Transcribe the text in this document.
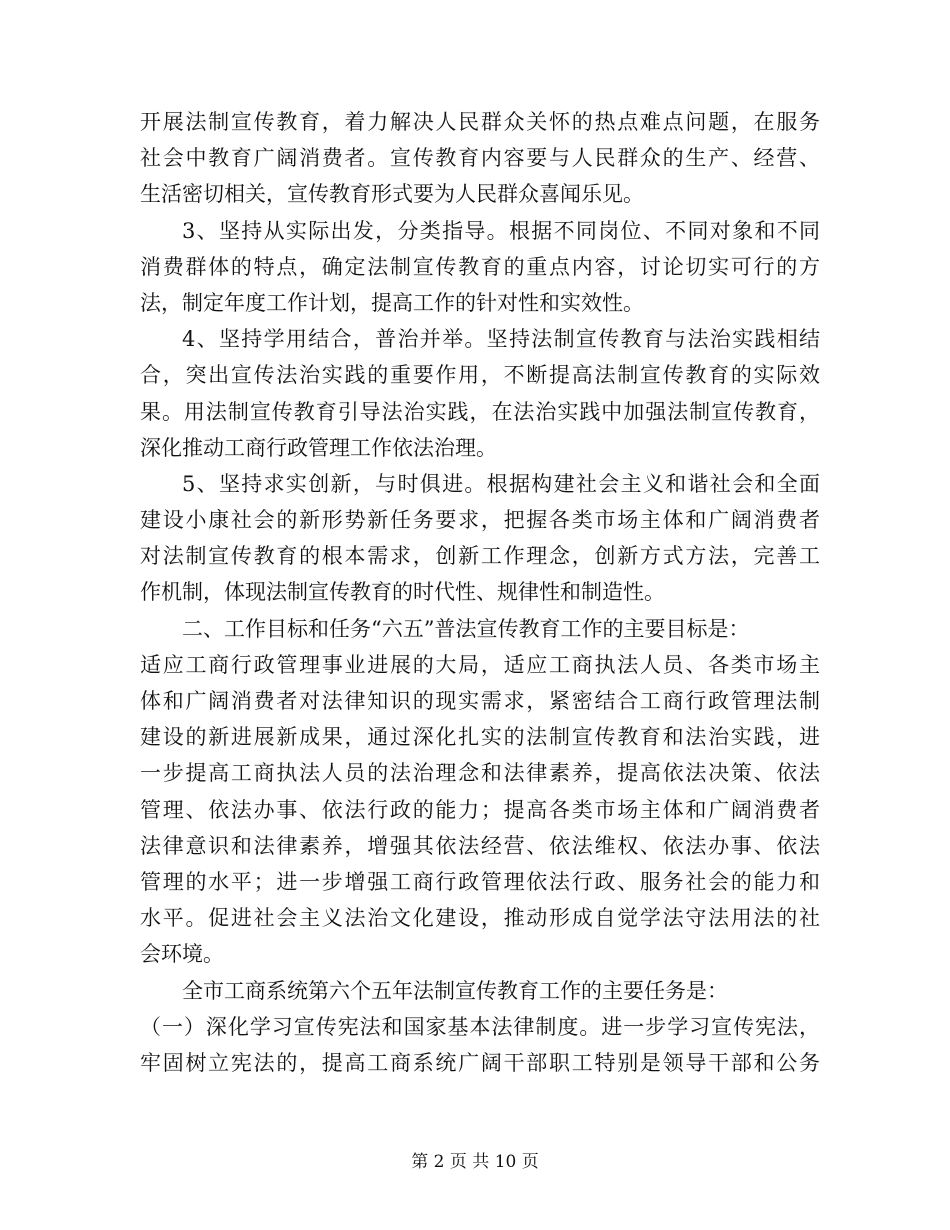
开展法制宣传教育，着力解决人民群众关怀的热点难点问题，在服务
社会中教育广阔消费者。宣传教育内容要与人民群众的生产、经营、
生活密切相关，宣传教育形式要为人民群众喜闻乐见。
3、坚持从实际出发，分类指导。根据不同岗位、不同对象和不同
消费群体的特点，确定法制宣传教育的重点内容，讨论切实可行的方
法，制定年度工作计划，提高工作的针对性和实效性。
4、坚持学用结合，普治并举。坚持法制宣传教育与法治实践相结
合，突出宣传法治实践的重要作用，不断提高法制宣传教育的实际效
果。用法制宣传教育引导法治实践，在法治实践中加强法制宣传教育，
深化推动工商行政管理工作依法治理。
5、坚持求实创新，与时俱进。根据构建社会主义和谐社会和全面
建设小康社会的新形势新任务要求，把握各类市场主体和广阔消费者
对法制宣传教育的根本需求，创新工作理念，创新方式方法，完善工
作机制，体现法制宣传教育的时代性、规律性和制造性。
二、工作目标和任务“六五”普法宣传教育工作的主要目标是：
适应工商行政管理事业进展的大局，适应工商执法人员、各类市场主
体和广阔消费者对法律知识的现实需求，紧密结合工商行政管理法制
建设的新进展新成果，通过深化扎实的法制宣传教育和法治实践，进
一步提高工商执法人员的法治理念和法律素养，提高依法决策、依法
管理、依法办事、依法行政的能力；提高各类市场主体和广阔消费者
法律意识和法律素养，增强其依法经营、依法维权、依法办事、依法
管理的水平；进一步增强工商行政管理依法行政、服务社会的能力和
水平。促进社会主义法治文化建设，推动形成自觉学法守法用法的社
会环境。
全市工商系统第六个五年法制宣传教育工作的主要任务是：
（一）深化学习宣传宪法和国家基本法律制度。进一步学习宣传宪法，
牢固树立宪法的，提高工商系统广阔干部职工特别是领导干部和公务
第 2 页 共 10 页
